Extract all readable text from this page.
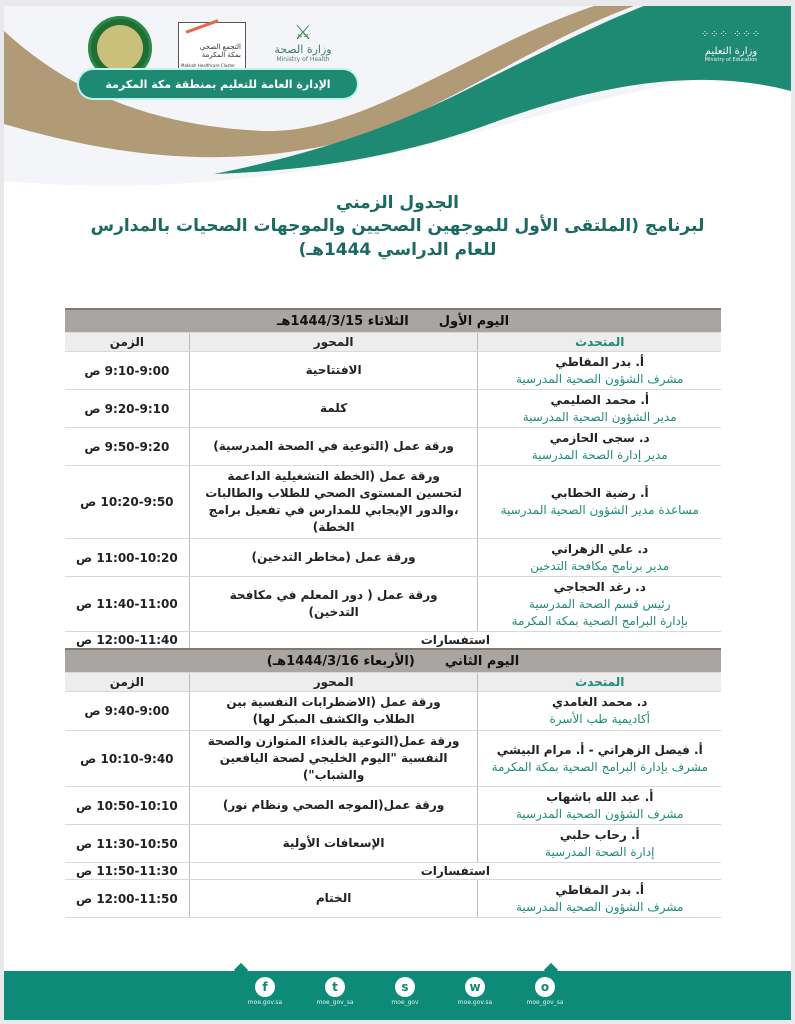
التجمع الصحي
بمكة المكرمة
Makkah Healthcare Cluster
⚔
وزارة الصحة
Ministry of Health
الإدارة العامة للتعليم بمنطقة مكة المكرمة
⁘⁘⁘ ⁘⁘⁘
وزارة التعليم
Ministry of Education
الجدول الزمني
لبرنامج (الملتقى الأول للموجهين الصحيين والموجهات الصحيات بالمدارس
للعام الدراسي 1444هـ)
اليوم الأولالثلاثاء 1444/3/15هـ		
المتحدث	المحور	الزمن

أ. بدر المقاطي
مشرف الشؤون الصحية المدرسية	الافتتاحية	9:10-9:00 ص

أ. محمد الصليمي
مدير الشؤون الصحية المدرسية	كلمة	9:20-9:10 ص

د. سجى الحازمي
مدير إدارة الصحة المدرسية	ورقة عمل (التوعية في الصحة المدرسية)	9:50-9:20 ص

أ. رضية الخطابي
مساعدة مدير الشؤون الصحية المدرسية	ورقة عمل (الخطة التشغيلية الداعمة لتحسين المستوى الصحي للطلاب والطالبات ،والدور الإيجابي للمدارس في تفعيل برامج الخطة)	10:20-9:50 ص

د. علي الزهراني
مدير برنامج مكافحة التدخين	ورقة عمل (مخاطر التدخين)	11:00-10:20 ص

د. رغد الحجاجي
رئيس قسم الصحة المدرسية
بإدارة البرامج الصحية بمكة المكرمة	ورقة عمل ( دور المعلم في مكافحة التدخين)	11:40-11:00 ص
استفسارات		12:00-11:40 ص
اليوم الثاني(الأربعاء 1444/3/16هـ)		
المتحدث	المحور	الزمن

د. محمد الغامدي
أكاديمية طب الأسرة	ورقة عمل (الاضطرابات النفسية بين الطلاب والكشف المبكر لها)	9:40-9:00 ص

أ. فيصل الزهراني - أ. مرام البيشي
مشرف بإدارة البرامج الصحية بمكة المكرمة	ورقة عمل(التوعية بالغذاء المتوازن والصحة النفسية "اليوم الخليجي لصحة اليافعين والشباب")	10:10-9:40 ص

أ. عبد الله باشهاب
مشرف الشؤون الصحية المدرسية	ورقة عمل(الموجه الصحي ونظام نور)	10:50-10:10 ص

أ. رحاب حلبي
إدارة الصحة المدرسية	الإسعافات الأولية	11:30-10:50 ص
استفسارات		11:50-11:30 ص

أ. بدر المقاطي
مشرف الشؤون الصحية المدرسية	الختام	12:00-11:50 ص
f
moe.gov.sa
t
moe_gov_sa
s
moe_gov
w
moe.gov.sa
o
moe_gov_sa
